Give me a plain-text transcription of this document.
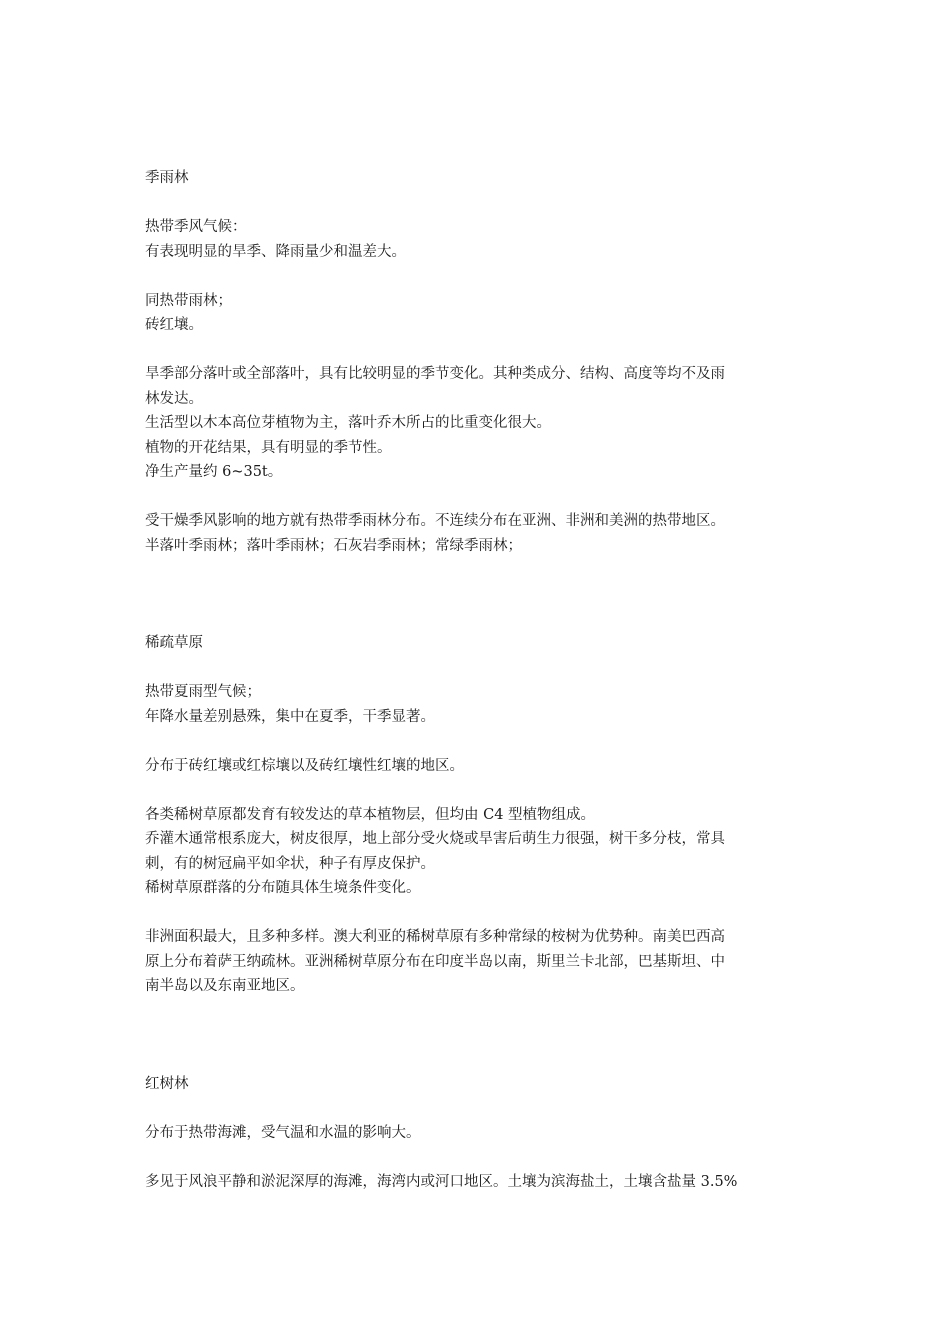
季雨林

热带季风气候：

有表现明显的旱季、降雨量少和温差大。

同热带雨林；

砖红壤。

旱季部分落叶或全部落叶，具有比较明显的季节变化。其种类成分、结构、高度等均不及雨

林发达。

生活型以木本高位芽植物为主，落叶乔木所占的比重变化很大。

植物的开花结果，具有明显的季节性。

净生产量约 6~35t。

受干燥季风影响的地方就有热带季雨林分布。不连续分布在亚洲、非洲和美洲的热带地区。

半落叶季雨林；落叶季雨林；石灰岩季雨林；常绿季雨林；

稀疏草原

热带夏雨型气候；

年降水量差别悬殊，集中在夏季，干季显著。

分布于砖红壤或红棕壤以及砖红壤性红壤的地区。

各类稀树草原都发育有较发达的草本植物层，但均由 C4 型植物组成。

乔灌木通常根系庞大，树皮很厚，地上部分受火烧或旱害后萌生力很强，树干多分枝，常具

刺，有的树冠扁平如伞状，种子有厚皮保护。

稀树草原群落的分布随具体生境条件变化。

非洲面积最大，且多种多样。澳大利亚的稀树草原有多种常绿的桉树为优势种。南美巴西高

原上分布着萨王纳疏林。亚洲稀树草原分布在印度半岛以南，斯里兰卡北部，巴基斯坦、中

南半岛以及东南亚地区。

红树林

分布于热带海滩，受气温和水温的影响大。

多见于风浪平静和淤泥深厚的海滩，海湾内或河口地区。土壤为滨海盐土，土壤含盐量 3.5%
